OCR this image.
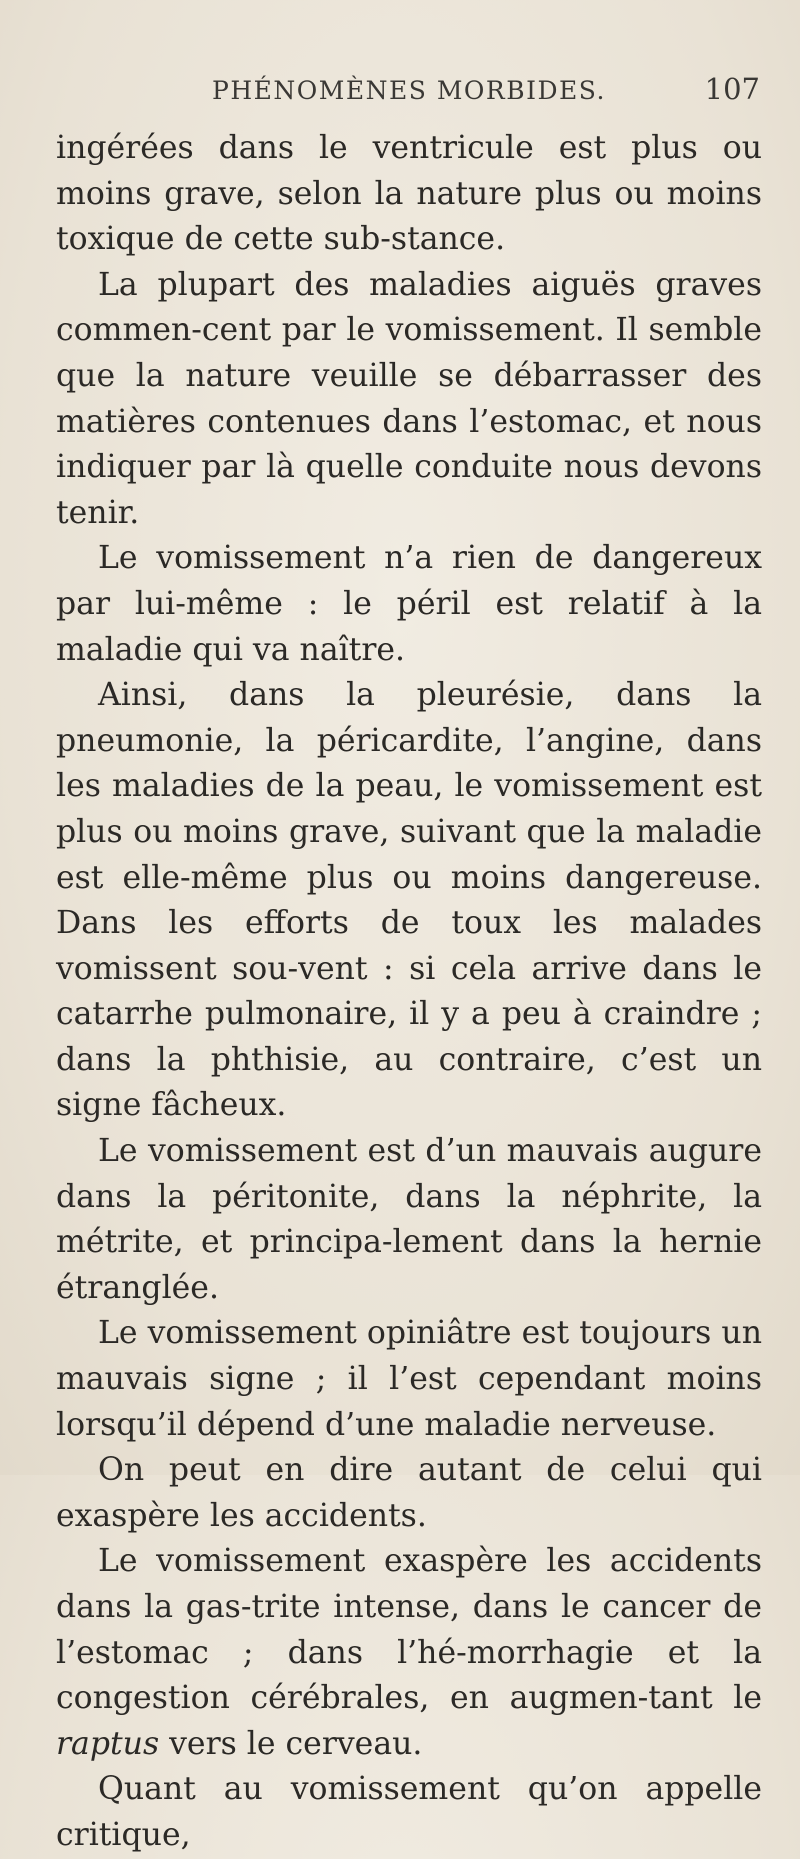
PHÉNOMÈNES MORBIDES.	107

ingérées dans le ventricule est plus ou moins grave, selon la nature plus ou moins toxique de cette sub-stance.

La plupart des maladies aiguës graves commen-cent par le vomissement. Il semble que la nature veuille se débarrasser des matières contenues dans l’estomac, et nous indiquer par là quelle conduite nous devons tenir.

Le vomissement n’a rien de dangereux par lui-même : le péril est relatif à la maladie qui va naître.

Ainsi, dans la pleurésie, dans la pneumonie, la péricardite, l’angine, dans les maladies de la peau, le vomissement est plus ou moins grave, suivant que la maladie est elle-même plus ou moins dangereuse. Dans les efforts de toux les malades vomissent sou-vent : si cela arrive dans le catarrhe pulmonaire, il y a peu à craindre ; dans la phthisie, au contraire, c’est un signe fâcheux.

Le vomissement est d’un mauvais augure dans la péritonite, dans la néphrite, la métrite, et principa-lement dans la hernie étranglée.

Le vomissement opiniâtre est toujours un mauvais signe ; il l’est cependant moins lorsqu’il dépend d’une maladie nerveuse.

On peut en dire autant de celui qui exaspère les accidents.

Le vomissement exaspère les accidents dans la gas-trite intense, dans le cancer de l’estomac ; dans l’hé-morrhagie et la congestion cérébrales, en augmen-tant le raptus vers le cerveau.

Quant au vomissement qu’on appelle critique,
